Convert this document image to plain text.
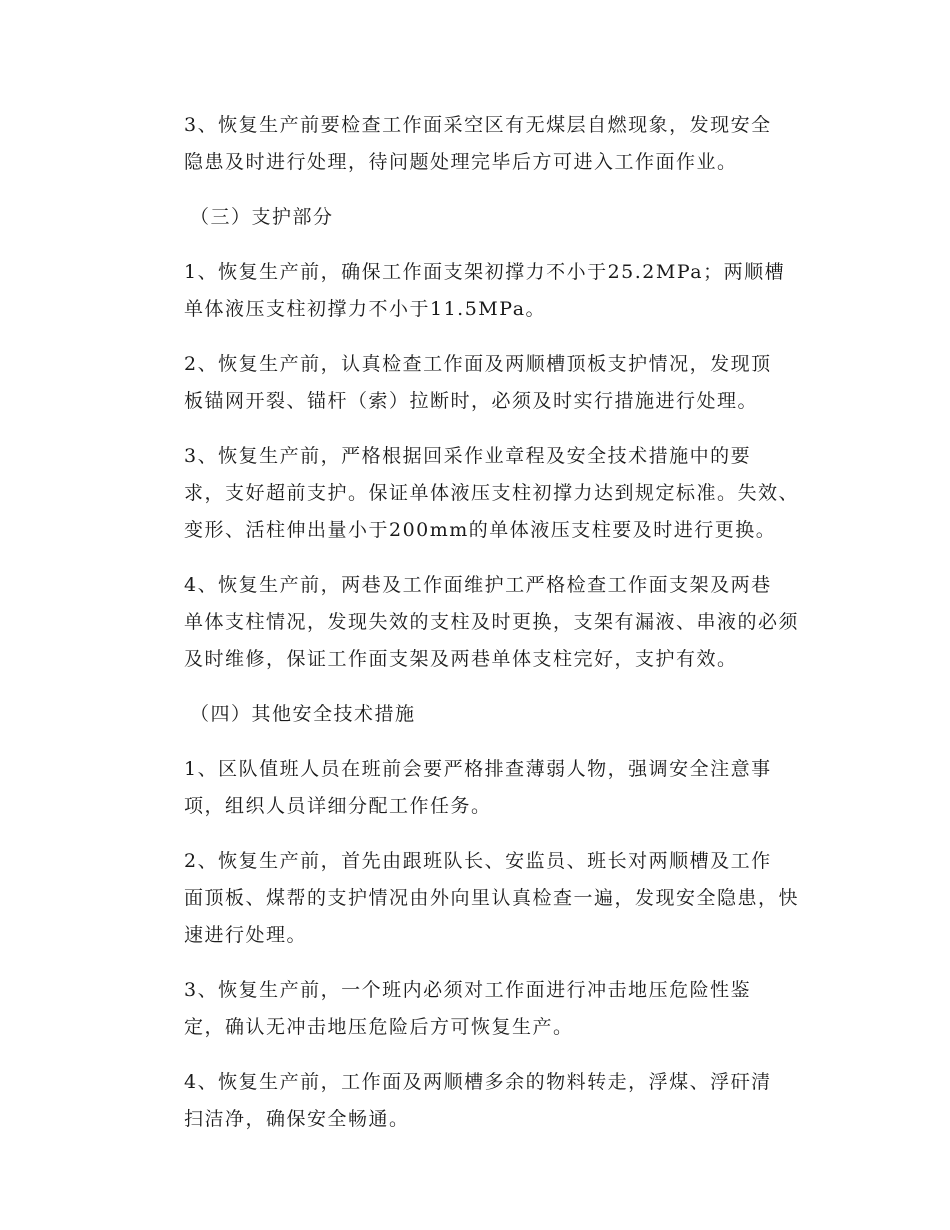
3、恢复生产前要检查工作面采空区有无煤层自燃现象，发现安全
隐患及时进行处理，待问题处理完毕后方可进入工作面作业。

（三）支护部分

1、恢复生产前，确保工作面支架初撑力不小于25.2MPa；两顺槽
单体液压支柱初撑力不小于11.5MPa。

2、恢复生产前，认真检查工作面及两顺槽顶板支护情况，发现顶
板锚网开裂、锚杆（索）拉断时，必须及时实行措施进行处理。

3、恢复生产前，严格根据回采作业章程及安全技术措施中的要
求，支好超前支护。保证单体液压支柱初撑力达到规定标准。失效、
变形、活柱伸出量小于200mm的单体液压支柱要及时进行更换。

4、恢复生产前，两巷及工作面维护工严格检查工作面支架及两巷
单体支柱情况，发现失效的支柱及时更换，支架有漏液、串液的必须
及时维修，保证工作面支架及两巷单体支柱完好，支护有效。

（四）其他安全技术措施

1、区队值班人员在班前会要严格排查薄弱人物，强调安全注意事
项，组织人员详细分配工作任务。

2、恢复生产前，首先由跟班队长、安监员、班长对两顺槽及工作
面顶板、煤帮的支护情况由外向里认真检查一遍，发现安全隐患，快
速进行处理。

3、恢复生产前，一个班内必须对工作面进行冲击地压危险性鉴
定，确认无冲击地压危险后方可恢复生产。

4、恢复生产前，工作面及两顺槽多余的物料转走，浮煤、浮矸清
扫洁净，确保安全畅通。
